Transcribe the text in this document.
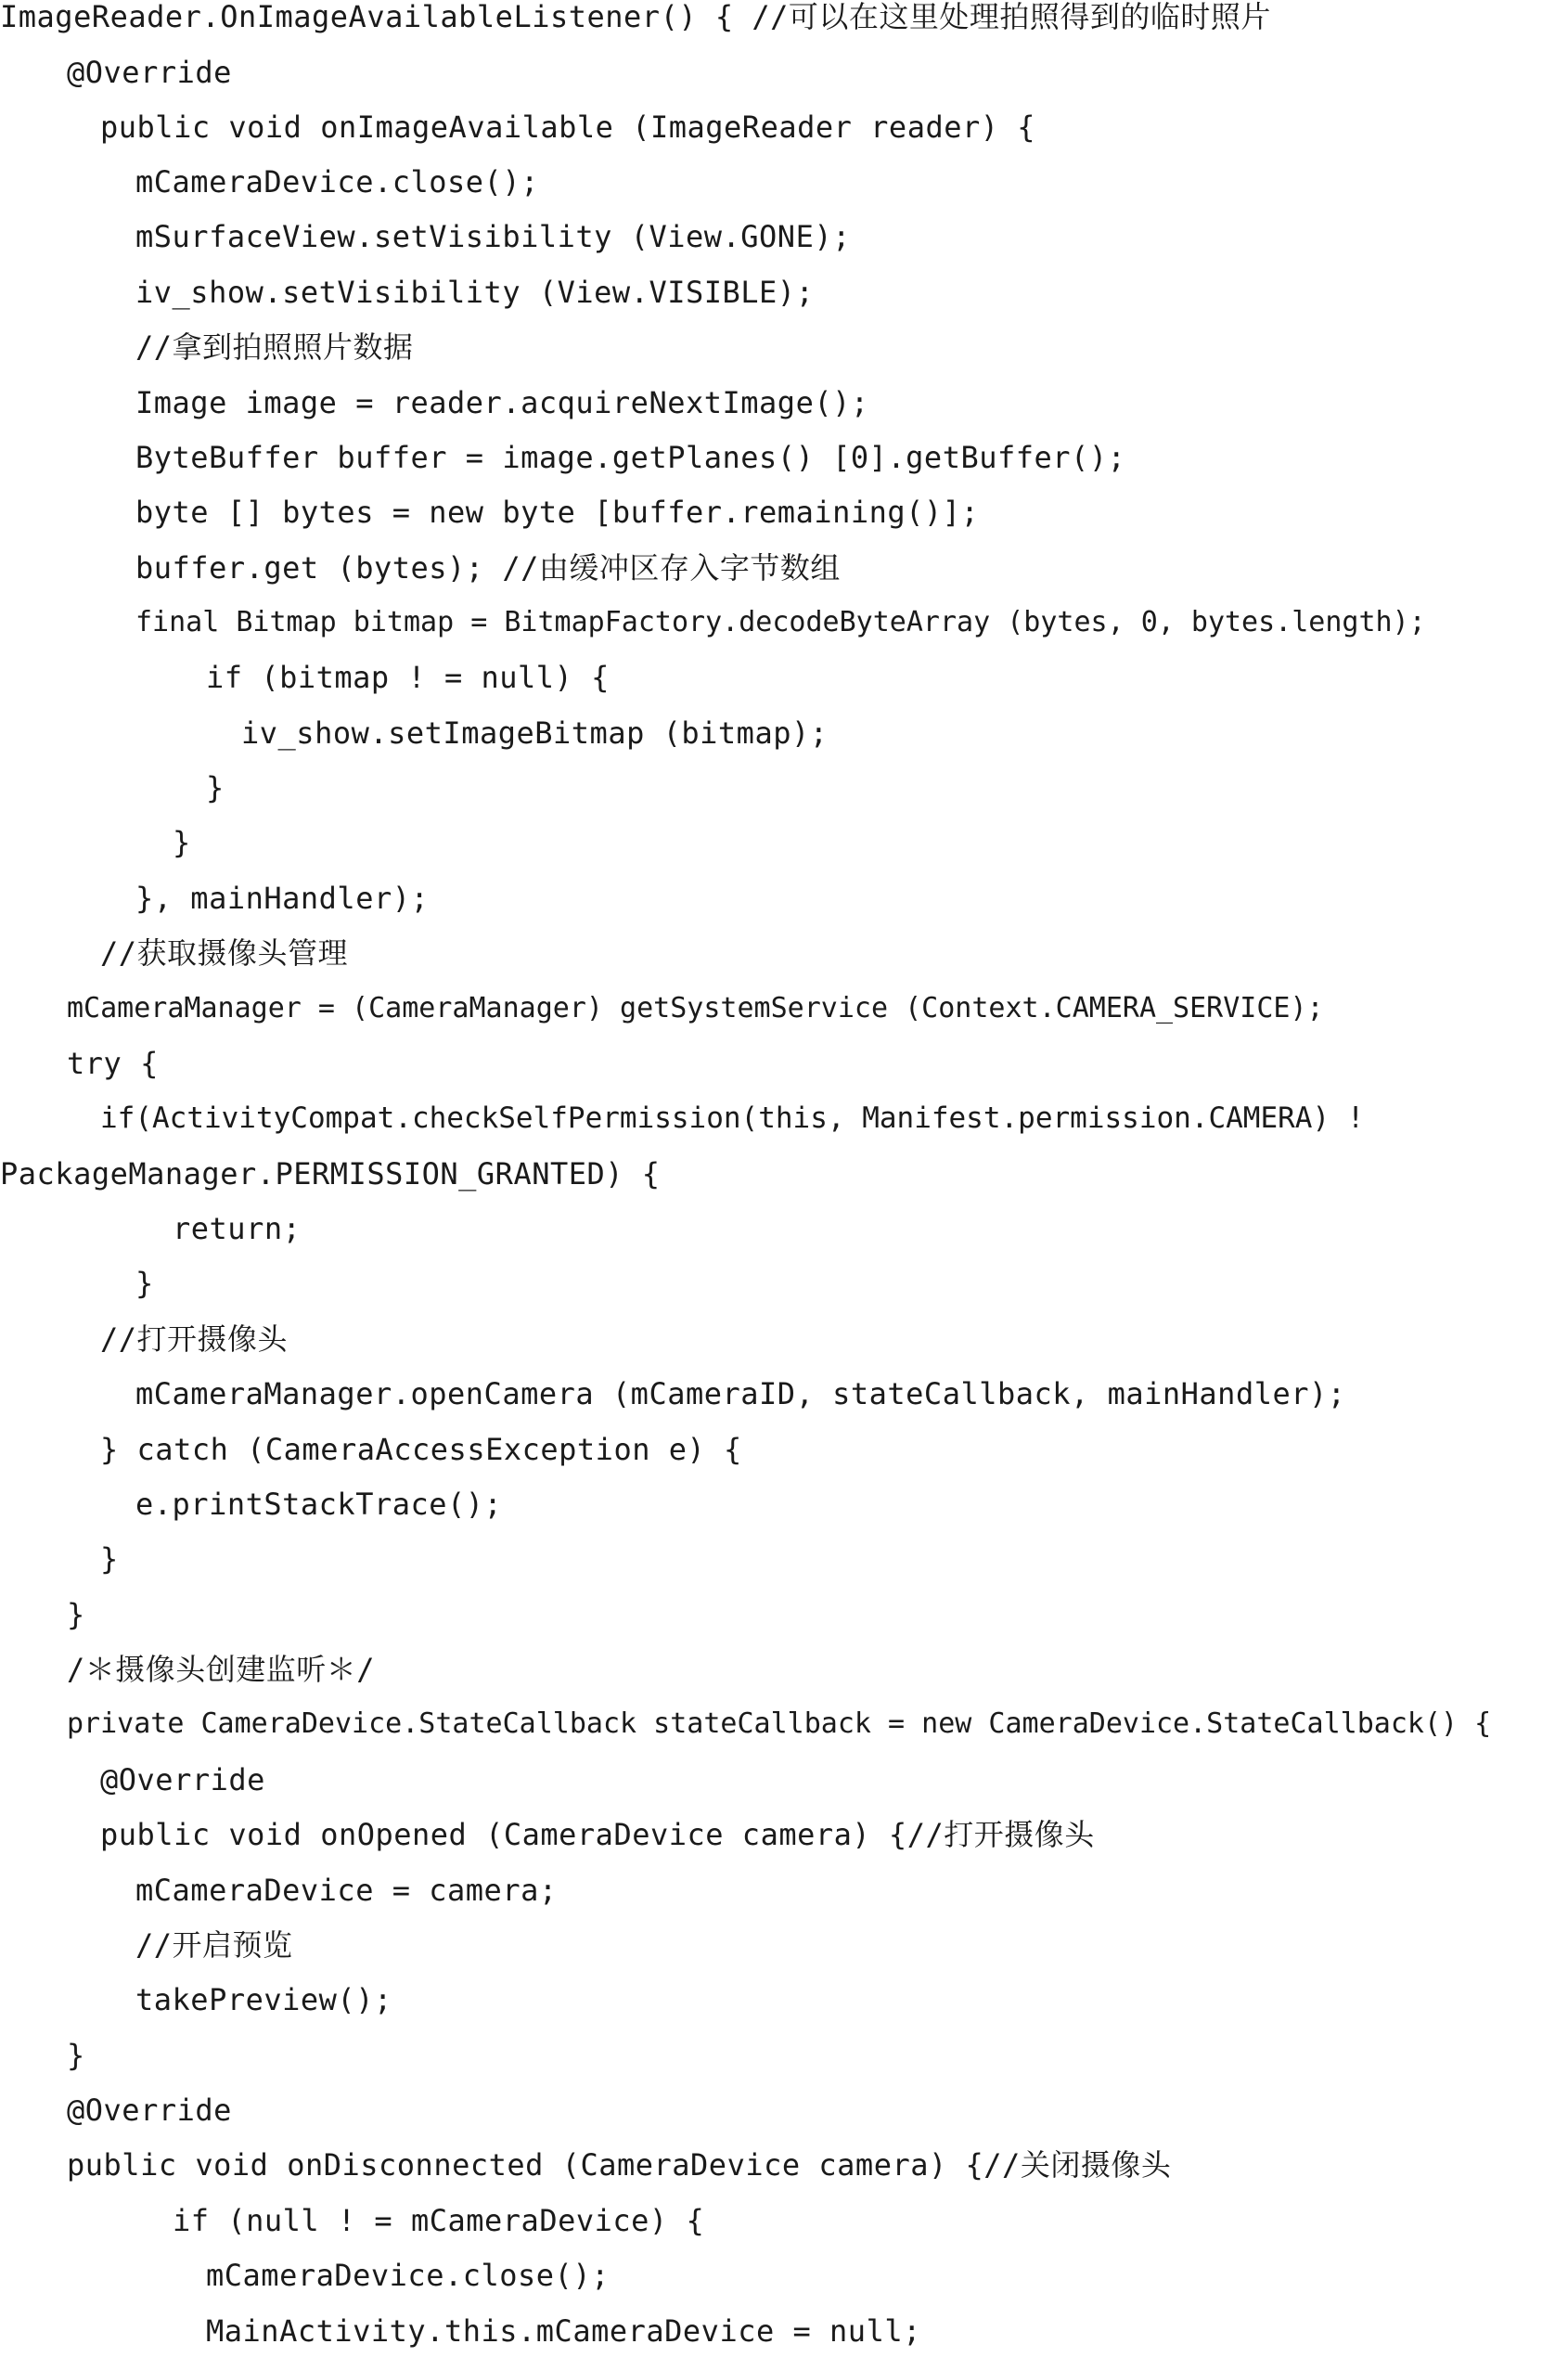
ImageReader.OnImageAvailableListener() { //可以在这里处理拍照得到的临时照片
@Override
public void onImageAvailable (ImageReader reader) {
mCameraDevice.close();
mSurfaceView.setVisibility (View.GONE);
iv_show.setVisibility (View.VISIBLE);
//拿到拍照照片数据
Image image = reader.acquireNextImage();
ByteBuffer buffer = image.getPlanes() [0].getBuffer();
byte [] bytes = new byte [buffer.remaining()];
buffer.get (bytes); //由缓冲区存入字节数组
final Bitmap bitmap = BitmapFactory.decodeByteArray (bytes, 0, bytes.length);
if (bitmap ! = null) {
iv_show.setImageBitmap (bitmap);
}
}
}, mainHandler);
//获取摄像头管理
mCameraManager = (CameraManager) getSystemService (Context.CAMERA_SERVICE);
try {
if(ActivityCompat.checkSelfPermission(this, Manifest.permission.CAMERA) !
PackageManager.PERMISSION_GRANTED) {
return;
}
//打开摄像头
mCameraManager.openCamera (mCameraID, stateCallback, mainHandler);
} catch (CameraAccessException e) {
e.printStackTrace();
}
}
/＊摄像头创建监听＊/
private CameraDevice.StateCallback stateCallback = new CameraDevice.StateCallback() {
@Override
public void onOpened (CameraDevice camera) {//打开摄像头
mCameraDevice = camera;
//开启预览
takePreview();
}
@Override
public void onDisconnected (CameraDevice camera) {//关闭摄像头
if (null ! = mCameraDevice) {
mCameraDevice.close();
MainActivity.this.mCameraDevice = null;
